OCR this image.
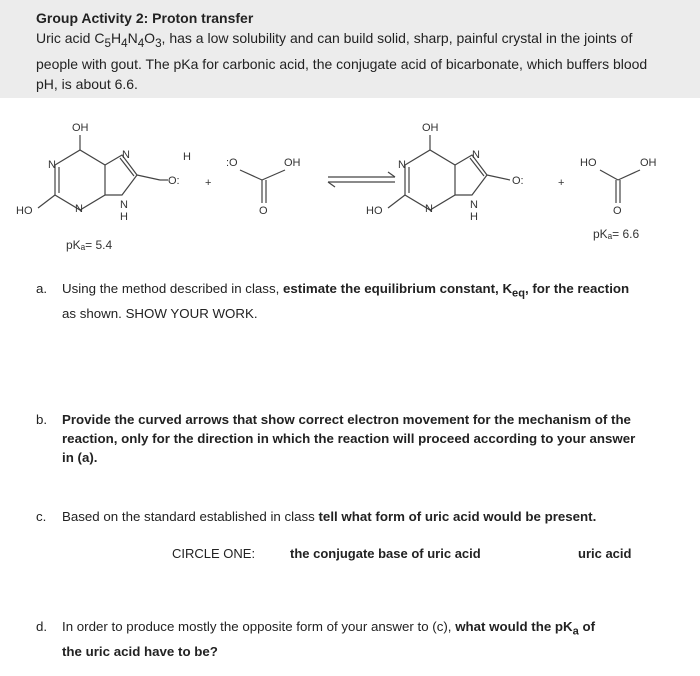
Group Activity 2: Proton transfer
Uric acid $C_5H_4N_4O_3$, has a low solubility and can build solid, sharp, painful crystal in the joints of people with gout. The pKa for carbonic acid, the conjugate acid of bicarbonate, which buffers blood pH, is about 6.6.
OH
HO
N
N
N	N
H
H
O: +
:O	OH
O
OH
HO
N
N
N	N
H
O:	+
HO	OH
O
pKₐ= 5.4
pKₐ= 6.6
a. Using the method described in class, estimate the equilibrium constant, $K_{eq}$, for the reaction
as shown. SHOW YOUR WORK.
b. Provide the curved arrows that show correct electron movement for the mechanism of the
reaction, only for the direction in which the reaction will proceed according to your answer
in (a).
c. Based on the standard established in class tell what form of uric acid would be present.
CIRCLE ONE:	the conjugate base of uric acid	uric acid
d. In order to produce mostly the opposite form of your answer to (c), what would the $pK_a$ of
the uric acid have to be?
